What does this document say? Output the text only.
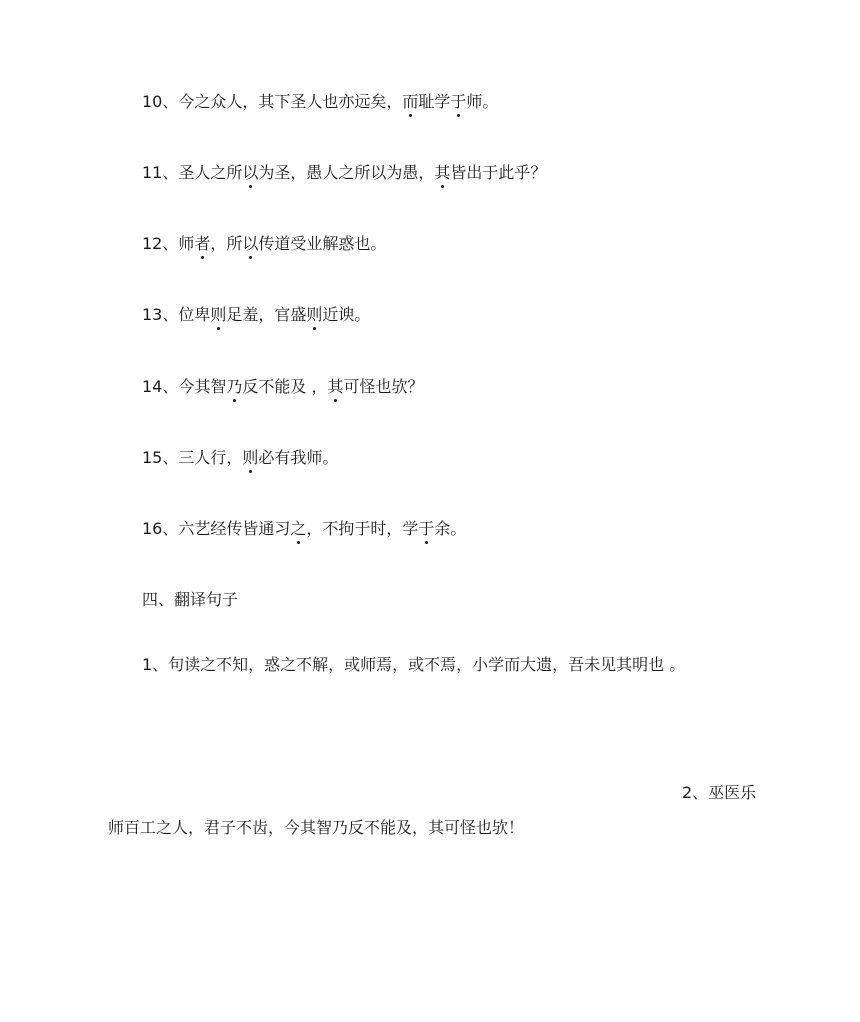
10、今之众人，其下圣人也亦远矣，而耻学于师。
11、圣人之所以为圣，愚人之所以为愚，其皆出于此乎？
12、师者，所以传道受业解惑也。
13、位卑则足羞，官盛则近谀。
14、今其智乃反不能及 ，其可怪也欤？
15、三人行，则必有我师。
16、六艺经传皆通习之，不拘于时，学于余。
四、翻译句子
1、句读之不知，惑之不解，或师焉，或不焉，小学而大遗，吾未见其明也 。
2、巫医乐
师百工之人，君子不齿，今其智乃反不能及，其可怪也欤！
